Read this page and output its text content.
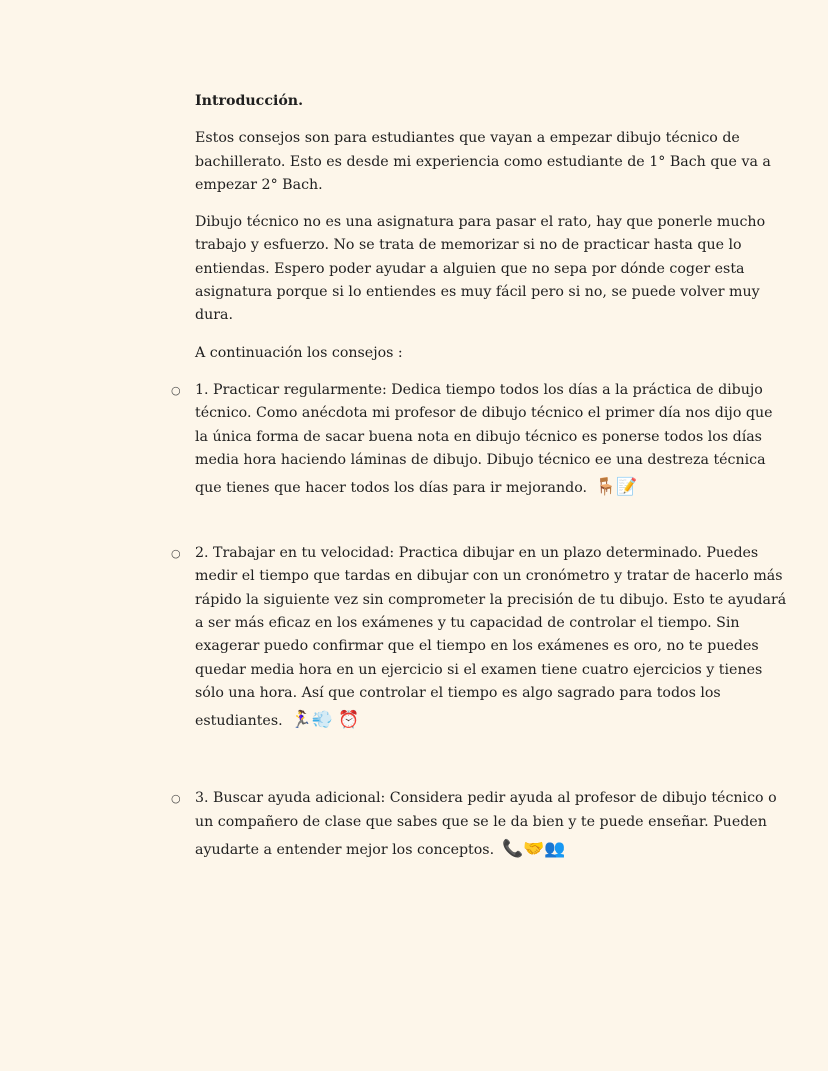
Introducción.
Estos consejos son para estudiantes que vayan a empezar dibujo técnico de
bachillerato. Esto es desde mi experiencia como estudiante de 1° Bach que va a
empezar 2° Bach.
Dibujo técnico no es una asignatura para pasar el rato, hay que ponerle mucho
trabajo y esfuerzo. No se trata de memorizar si no de practicar hasta que lo
entiendas. Espero poder ayudar a alguien que no sepa por dónde coger esta
asignatura porque si lo entiendes es muy fácil pero si no, se puede volver muy
dura.
A continuación los consejos :
○ 1. Practicar regularmente: Dedica tiempo todos los días a la práctica de dibujo
técnico. Como anécdota mi profesor de dibujo técnico el primer día nos dijo que
la única forma de sacar buena nota en dibujo técnico es ponerse todos los días
media hora haciendo láminas de dibujo. Dibujo técnico ee una destreza técnica
que tienes que hacer todos los días para ir mejorando. 🪑📝
○ 2. Trabajar en tu velocidad: Practica dibujar en un plazo determinado. Puedes
medir el tiempo que tardas en dibujar con un cronómetro y tratar de hacerlo más
rápido la siguiente vez sin comprometer la precisión de tu dibujo. Esto te ayudará
a ser más eficaz en los exámenes y tu capacidad de controlar el tiempo. Sin
exagerar puedo confirmar que el tiempo en los exámenes es oro, no te puedes
quedar media hora en un ejercicio si el examen tiene cuatro ejercicios y tienes
sólo una hora. Así que controlar el tiempo es algo sagrado para todos los
estudiantes. 🏃‍♀️💨 ⏰
○ 3. Buscar ayuda adicional: Considera pedir ayuda al profesor de dibujo técnico o
un compañero de clase que sabes que se le da bien y te puede enseñar. Pueden
ayudarte a entender mejor los conceptos. 📞🤝👥
